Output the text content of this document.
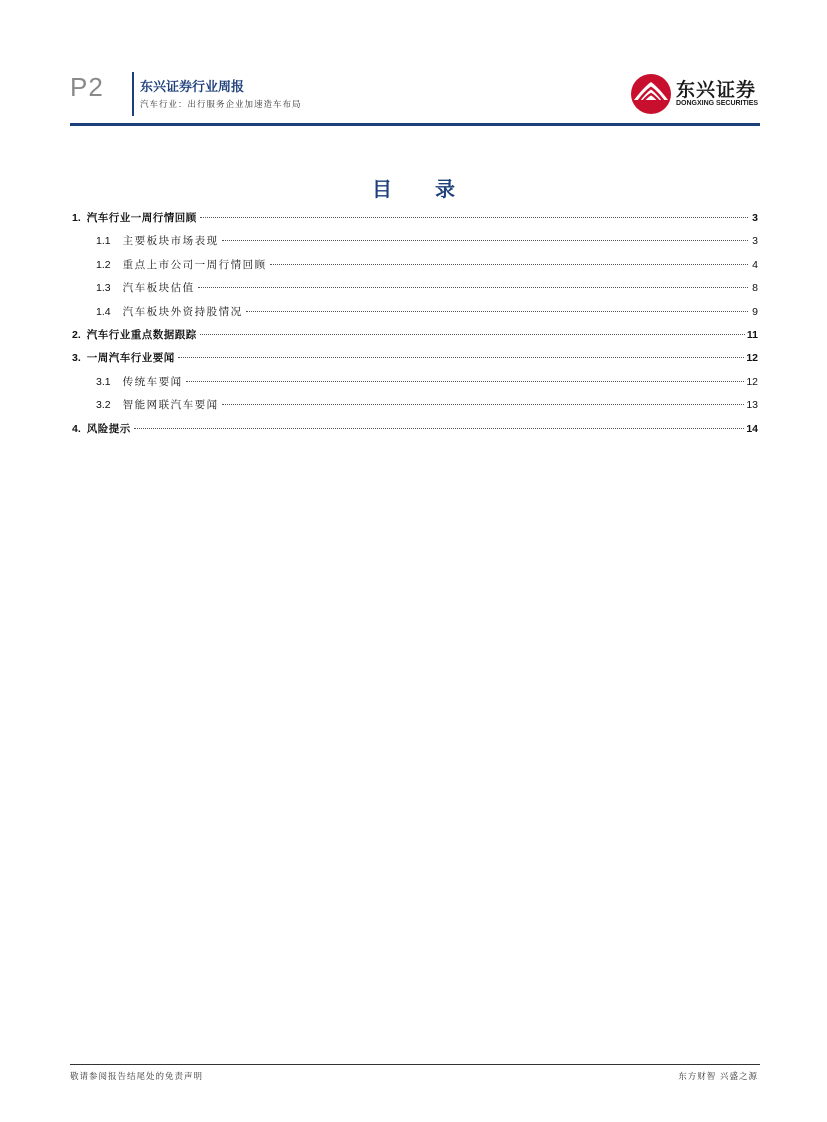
P2	东兴证券行业周报
汽车行业：出行服务企业加速造车布局
东兴证券
DONGXING SECURITIES
目 录
1. 汽车行业一周行情回顾	3
1.1 主要板块市场表现	3
1.2 重点上市公司一周行情回顾	4
1.3 汽车板块估值	8
1.4 汽车板块外资持股情况	9
2. 汽车行业重点数据跟踪	11
3. 一周汽车行业要闻	12
3.1 传统车要闻	12
3.2 智能网联汽车要闻	13
4. 风险提示	14
敬请参阅报告结尾处的免责声明	东方财智 兴盛之源
